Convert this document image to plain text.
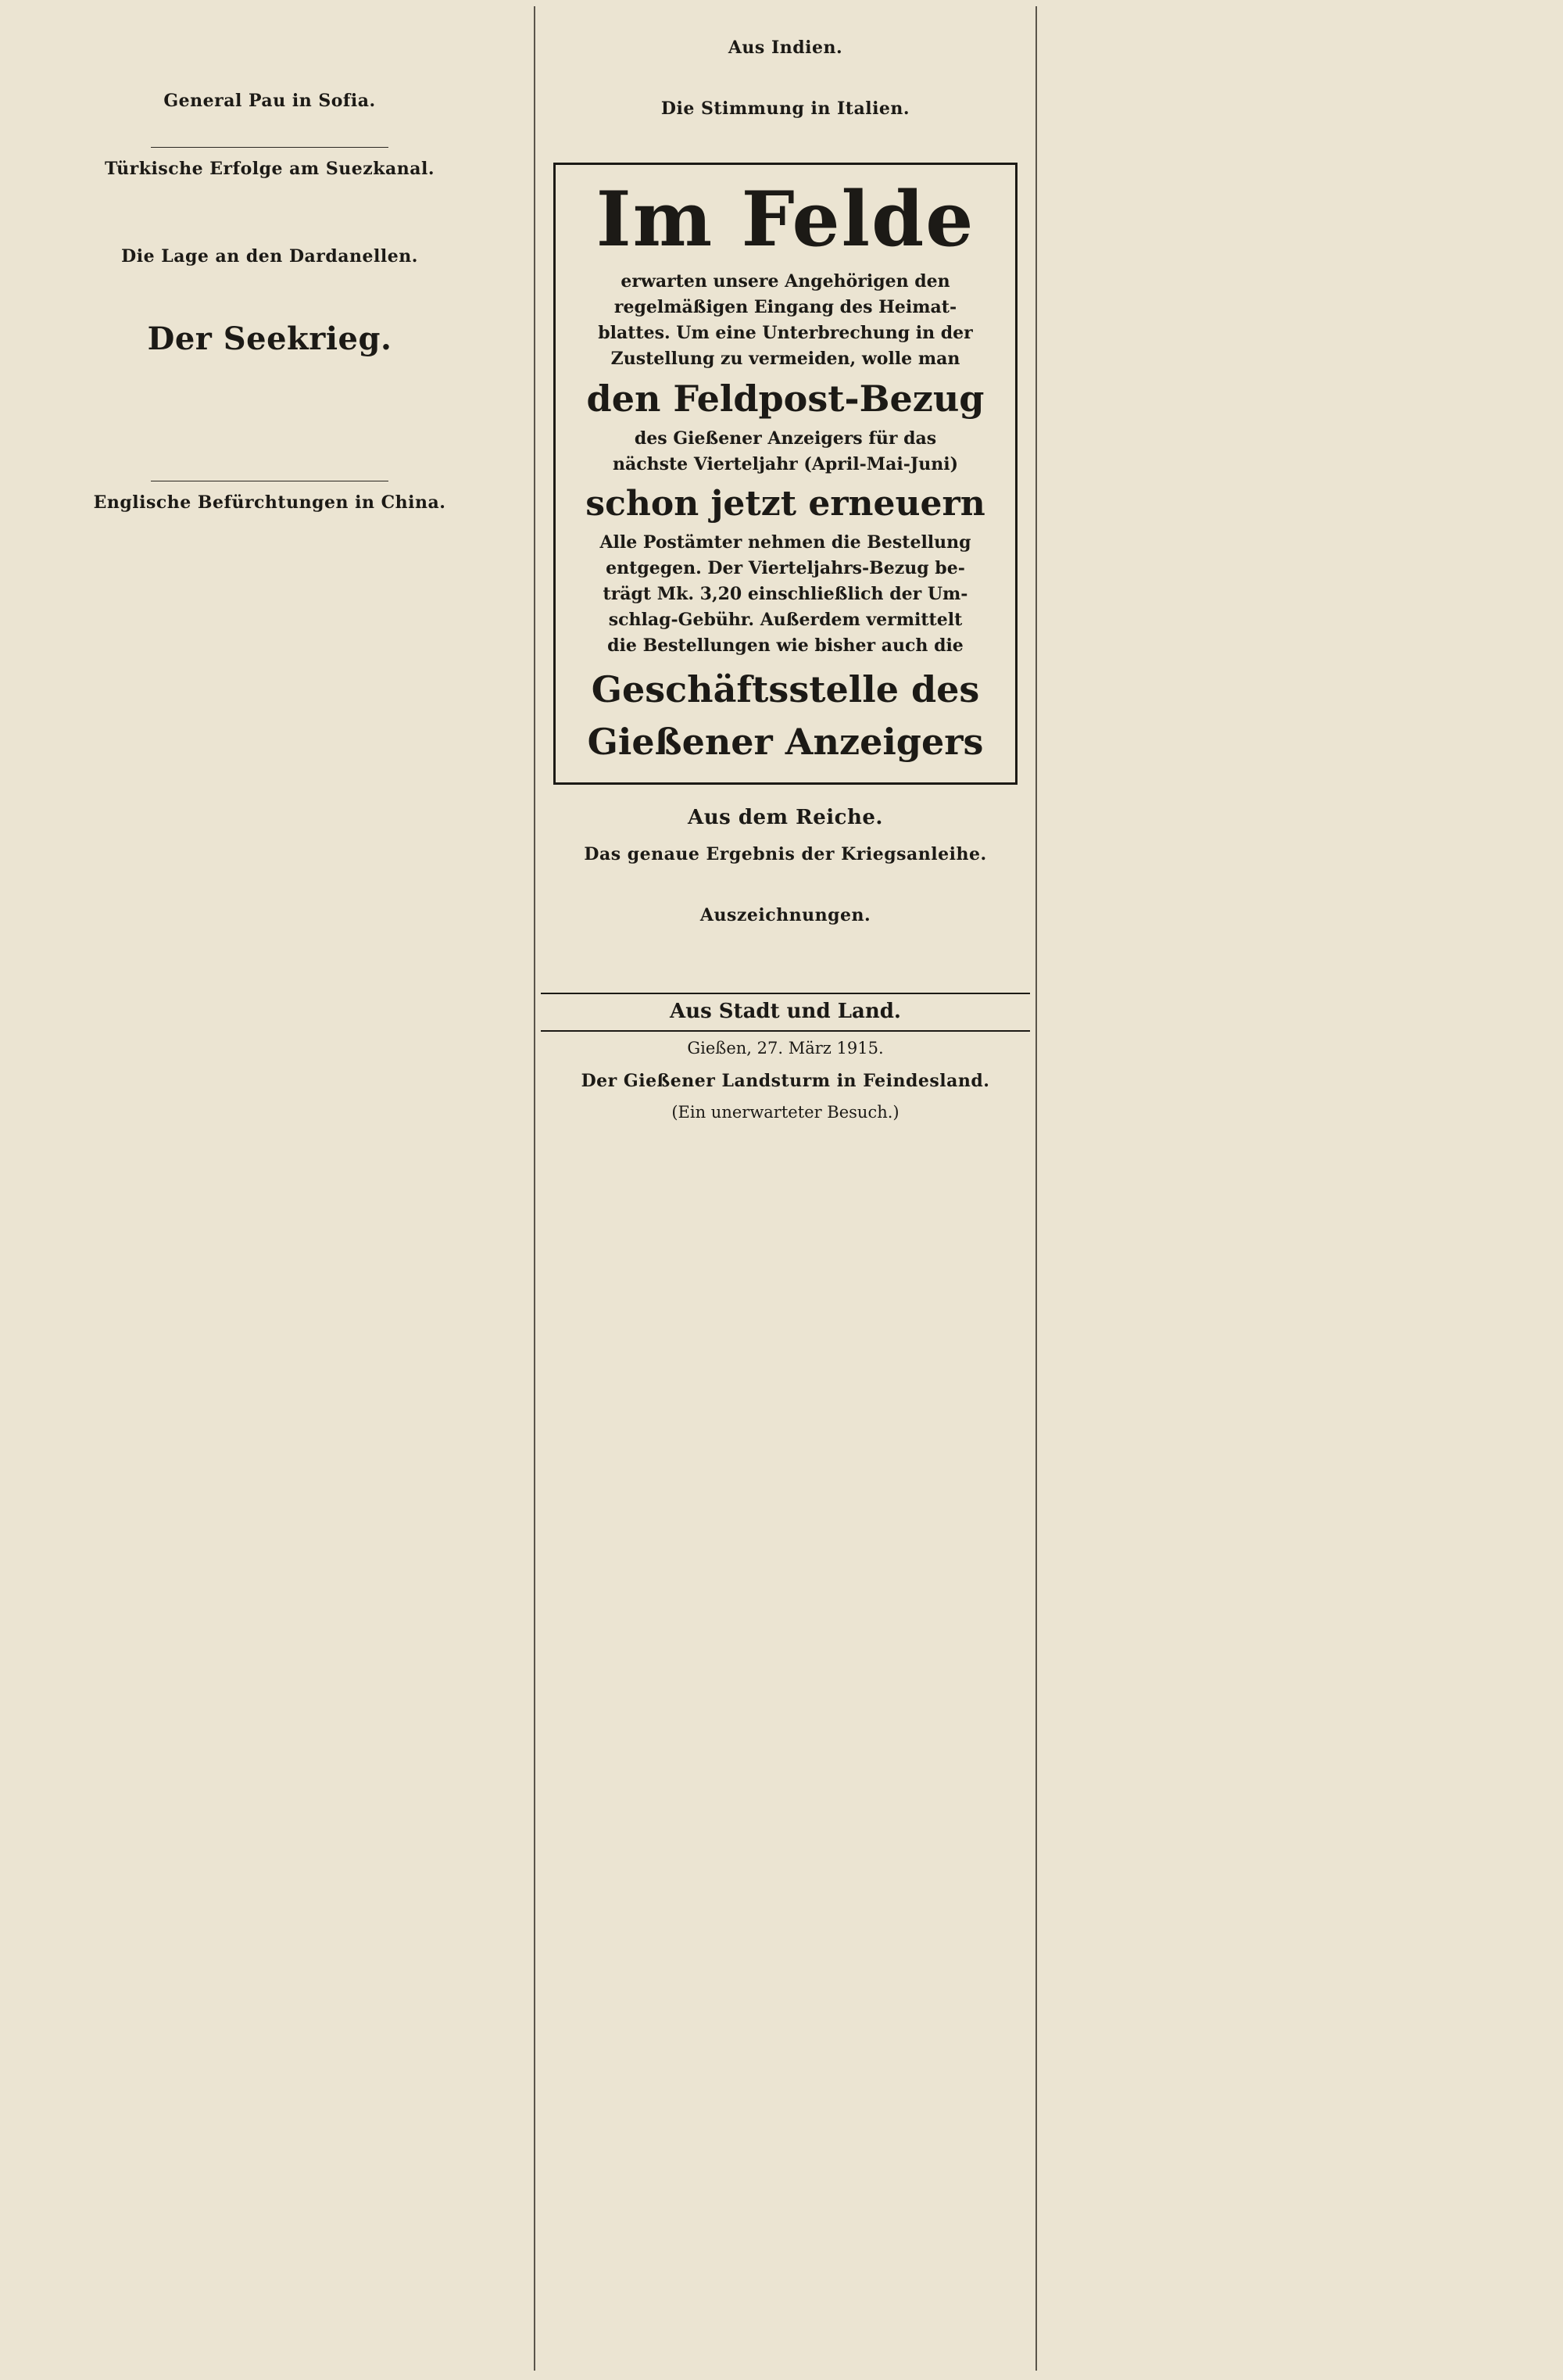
General Pau in Sofia.

Türkische Erfolge am Suezkanal.

Die Lage an den Dardanellen.

Der Seekrieg.

Englische Befürchtungen in China.

Aus Indien.

Die Stimmung in Italien.

Im Felde
erwarten unsere Angehörigen den
regelmäßigen Eingang des Heimat-
blattes. Um eine Unterbrechung in der
Zustellung zu vermeiden, wolle man
den Feldpost-Bezug
des Gießener Anzeigers für das
nächste Vierteljahr (April-Mai-Juni)
schon jetzt erneuern
Alle Postämter nehmen die Bestellung
entgegen. Der Vierteljahrs-Bezug be-
trägt Mk. 3,20 einschließlich der Um-
schlag-Gebühr. Außerdem vermittelt
die Bestellungen wie bisher auch die
Geschäftsstelle des
Gießener Anzeigers
Aus dem Reiche.
Das genaue Ergebnis der Kriegsanleihe.

Auszeichnungen.

Aus Stadt und Land.
Gießen, 27. März 1915.
Der Gießener Landsturm in Feindesland.
(Ein unerwarteter Besuch.)
